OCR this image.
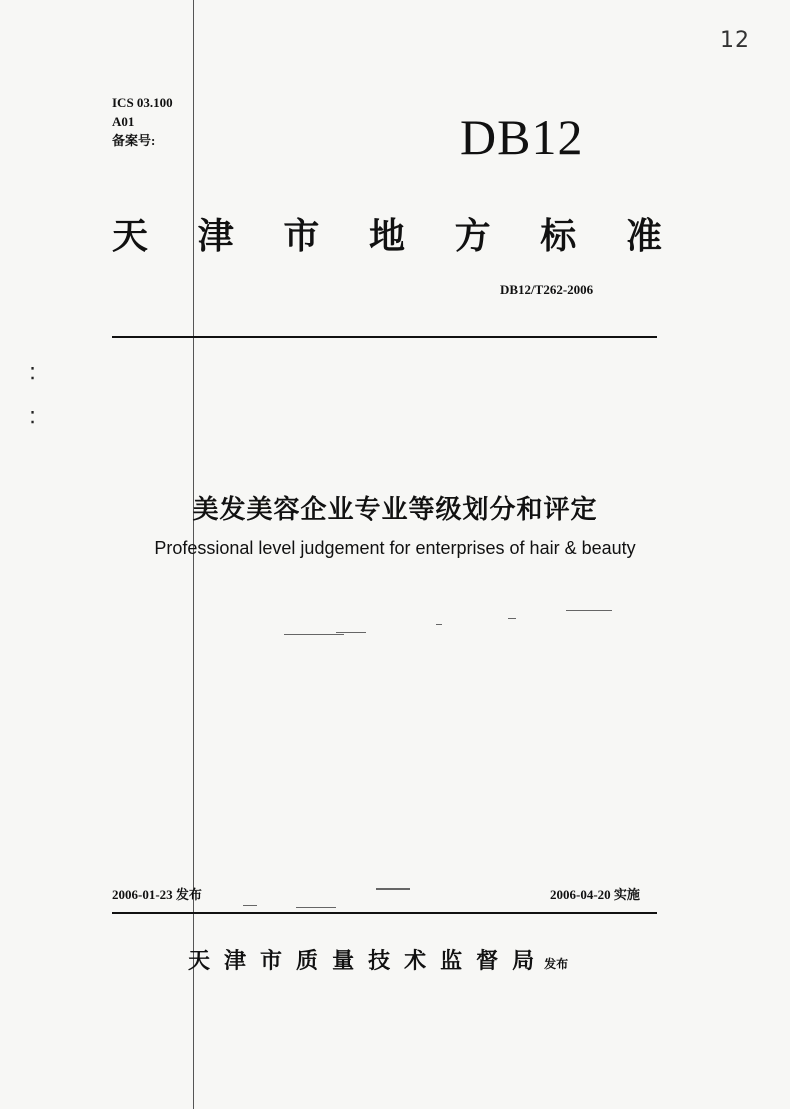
12
ICS 03.100
A01
备案号:	DB12
天 津 市 地 方 标 准
DB12/T262-2006
⁚
⁚
美发美容企业专业等级划分和评定
Professional level judgement for enterprises of hair & beauty
2006-01-23 发布	2006-04-20 实施
天 津 市 质 量 技 术 监 督 局 发布
